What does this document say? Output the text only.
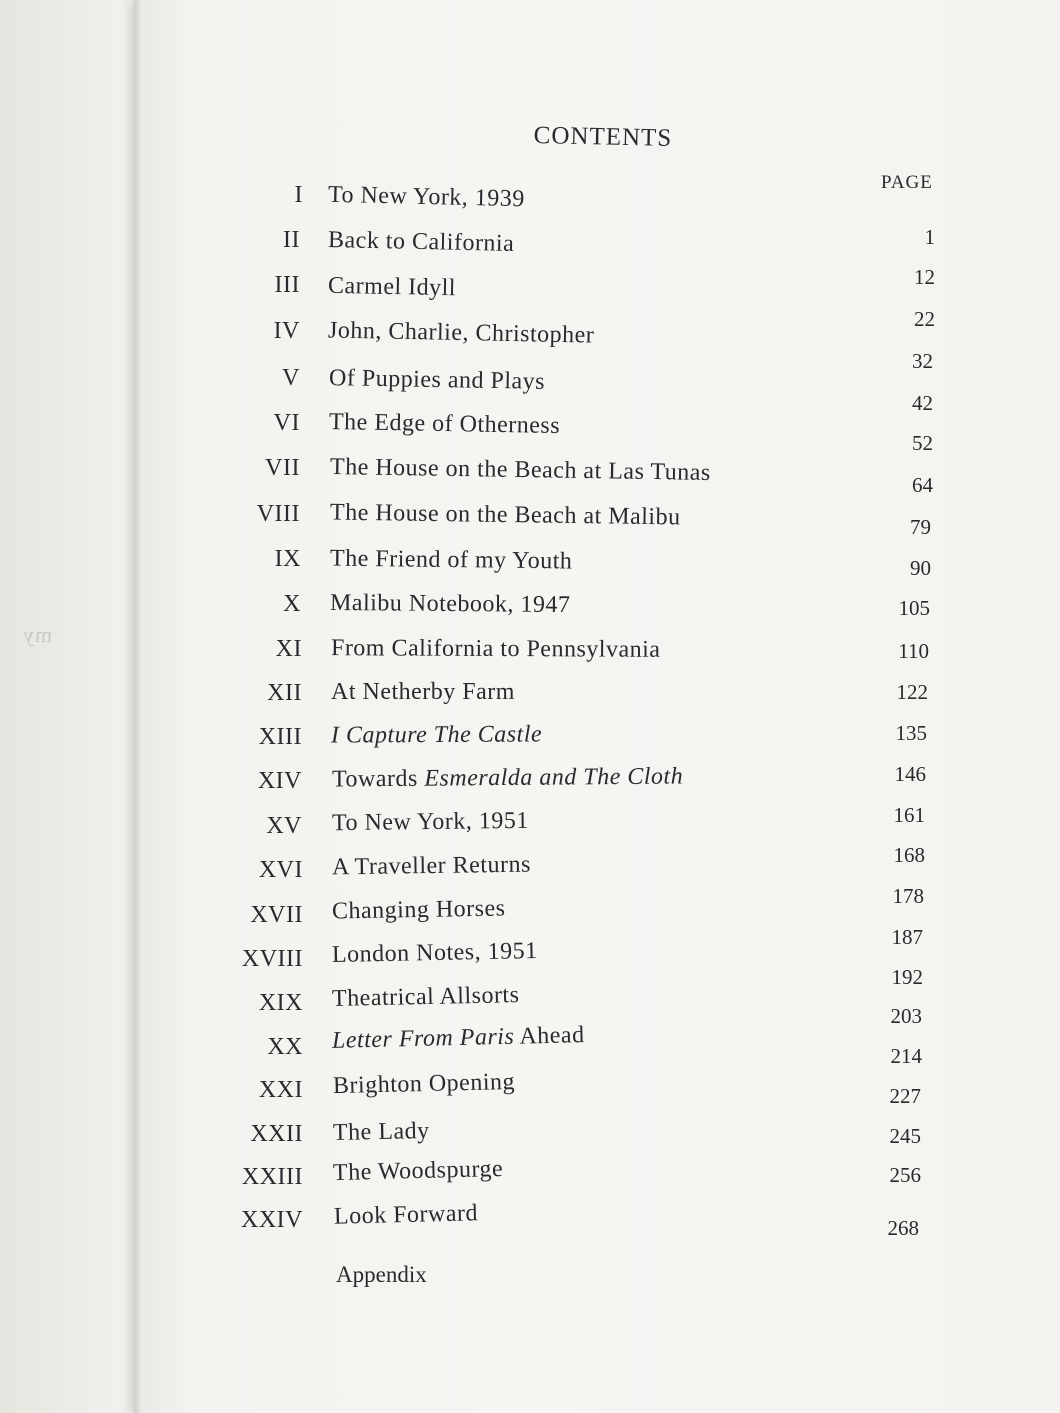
my
CONTENTS
PAGE
I To New York, 1939
II Back to California
III Carmel Idyll
IV John, Charlie, Christopher
V Of Puppies and Plays
VI The Edge of Otherness
VII The House on the Beach at Las Tunas
VIII The House on the Beach at Malibu
IX The Friend of my Youth
X Malibu Notebook, 1947
XI From California to Pennsylvania
XII At Netherby Farm
XIII I Capture The Castle
XIV Towards Esmeralda and The Cloth
XV To New York, 1951
XVI A Traveller Returns
XVII Changing Horses
XVIII London Notes, 1951
XIX Theatrical Allsorts
XX Letter From Paris Ahead
XXI Brighton Opening
XXII The Lady
XXIII The Woodspurge
XXIV Look Forward
1
12
22
32
42
52
64
79
90
105
110
122
135
146
161
168
178
187
192
203
214
227
245
256
268
Appendix
